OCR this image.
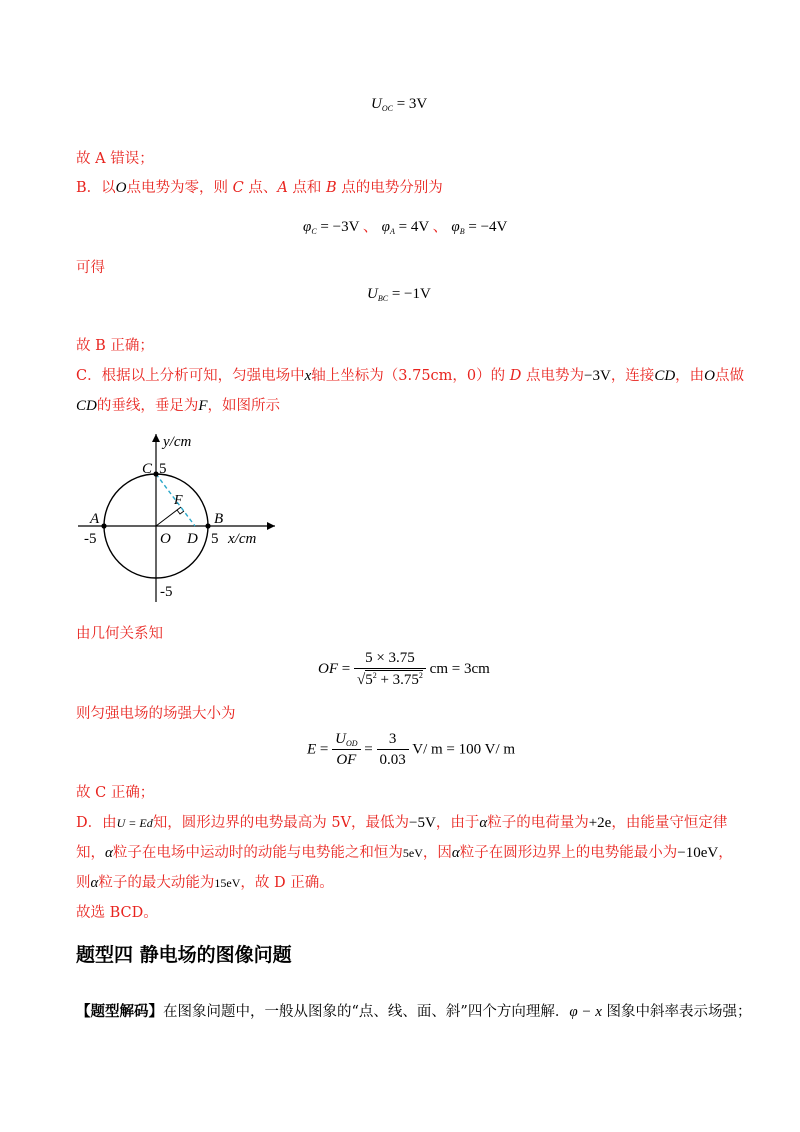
$U_{OC} = 3V$
故 A 错误；
B．以O点电势为零，则 C 点、A 点和 B 点的电势分别为
$\varphi_C = -3V$ 、 $\varphi_A = 4V$ 、 $\varphi_B = -4V$
可得
$U_{BC} = -1V$
故 B 正确；
C．根据以上分析可知，匀强电场中x轴上坐标为（3.75cm，0）的 D 点电势为−3V，连接CD，由O点做
CD的垂线，垂足为F，如图所示
y/cm
C 5
F
A	B
-5	O D 5 x/cm
-5
由几何关系知
OF = $\frac{5 \times 3.75}{√5^2 + 3.75^2}$ cm = 3cm
则匀强电场的场强大小为
$E = \frac{U_{OD}}{OF} = \frac{3}{0.03} V/$ m = 100 V/ m
故 C 正确；
D．由U = Ed知，圆形边界的电势最高为 5V，最低为−5V，由于α粒子的电荷量为+2e，由能量守恒定律
知，α粒子在电场中运动时的动能与电势能之和恒为5eV，因α粒子在圆形边界上的电势能最小为−10eV，
则α粒子的最大动能为15eV，故 D 正确。
故选 BCD。
题型四 静电场的图像问题
【题型解码】在图象问题中，一般从图象的“点、线、面、斜”四个方向理解．φ − x 图象中斜率表示场强；
